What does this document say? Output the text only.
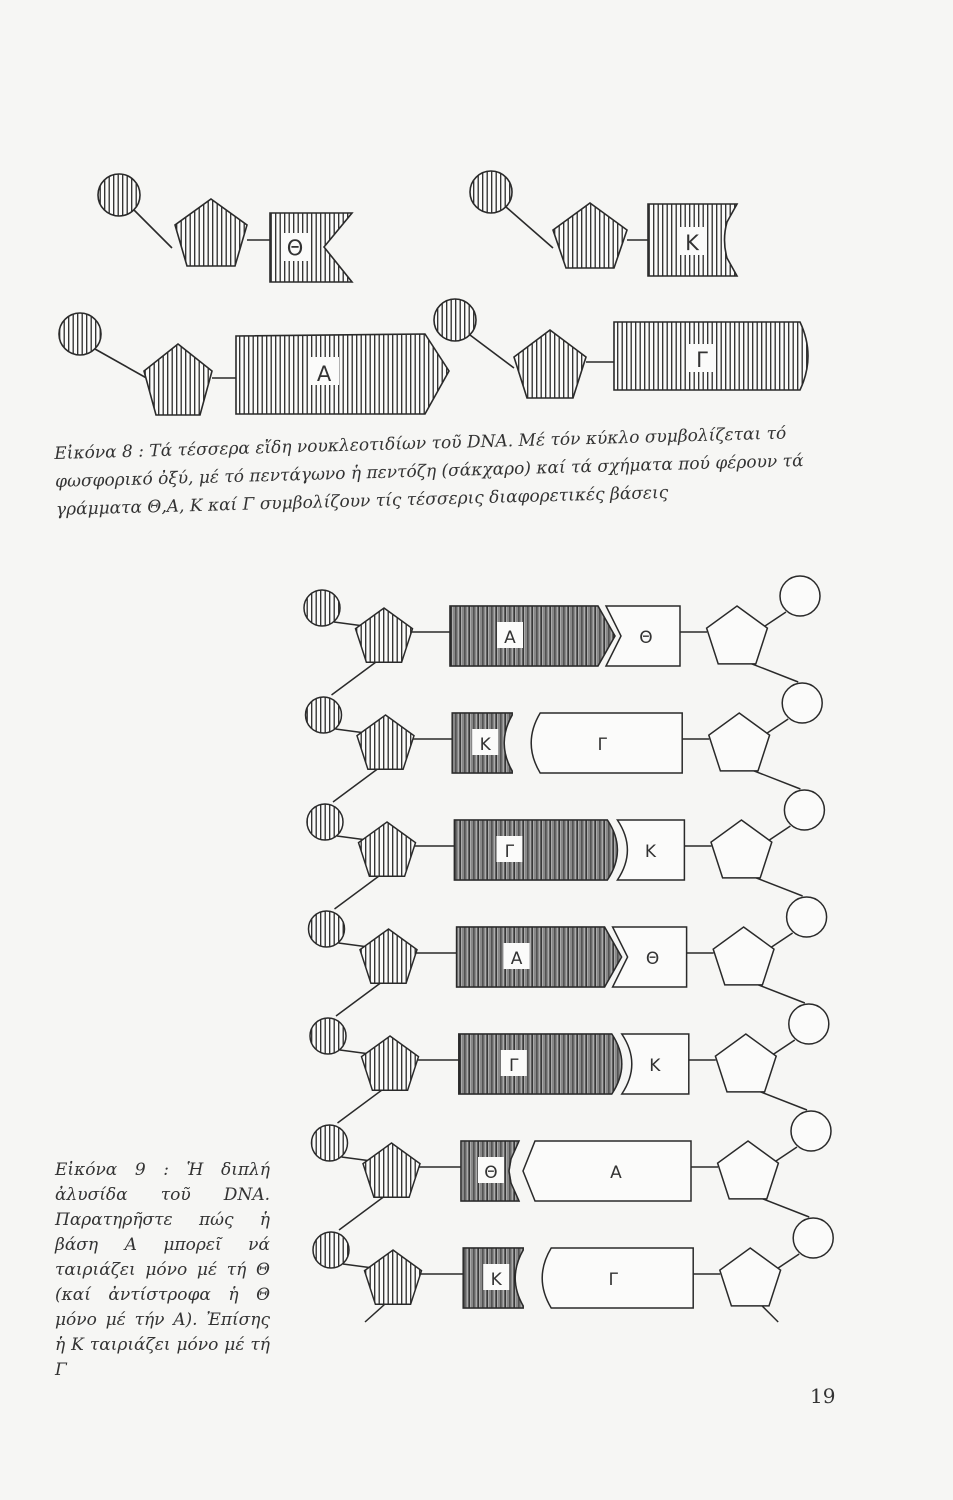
Θ	Κ
Α
Γ
Α	Θ
Κ	Γ
Γ	Κ
Α	Θ
Γ	Κ
Θ	Α
Κ	Γ
Εἰκόνα 8 : Τά τέσσερα εἴδη νουκλεοτιδίων τοῦ DNA. Μέ τόν κύκλο συμβολίζεται τό φωσφορικό ὀξύ, μέ τό πεντάγωνο ἡ πεντόζη (σάκχαρο) καί τά σχήματα πού φέρουν τά γράμματα Θ,Α, Κ καί Γ συμβολίζουν τίς τέσσερις διαφορετικές βάσεις
Εἰκόνα 9 : Ἡ διπλή ἀλυσίδα τοῦ DNA. Παρατηρῆστε πώς ἡ βάση Α μπορεῖ νά ταιριάζει μόνο μέ τή Θ (καί ἀντίστροφα ἡ Θ μόνο μέ τήν Α). Ἐπίσης ἡ Κ ταιριάζει μόνο μέ τή Γ
19
